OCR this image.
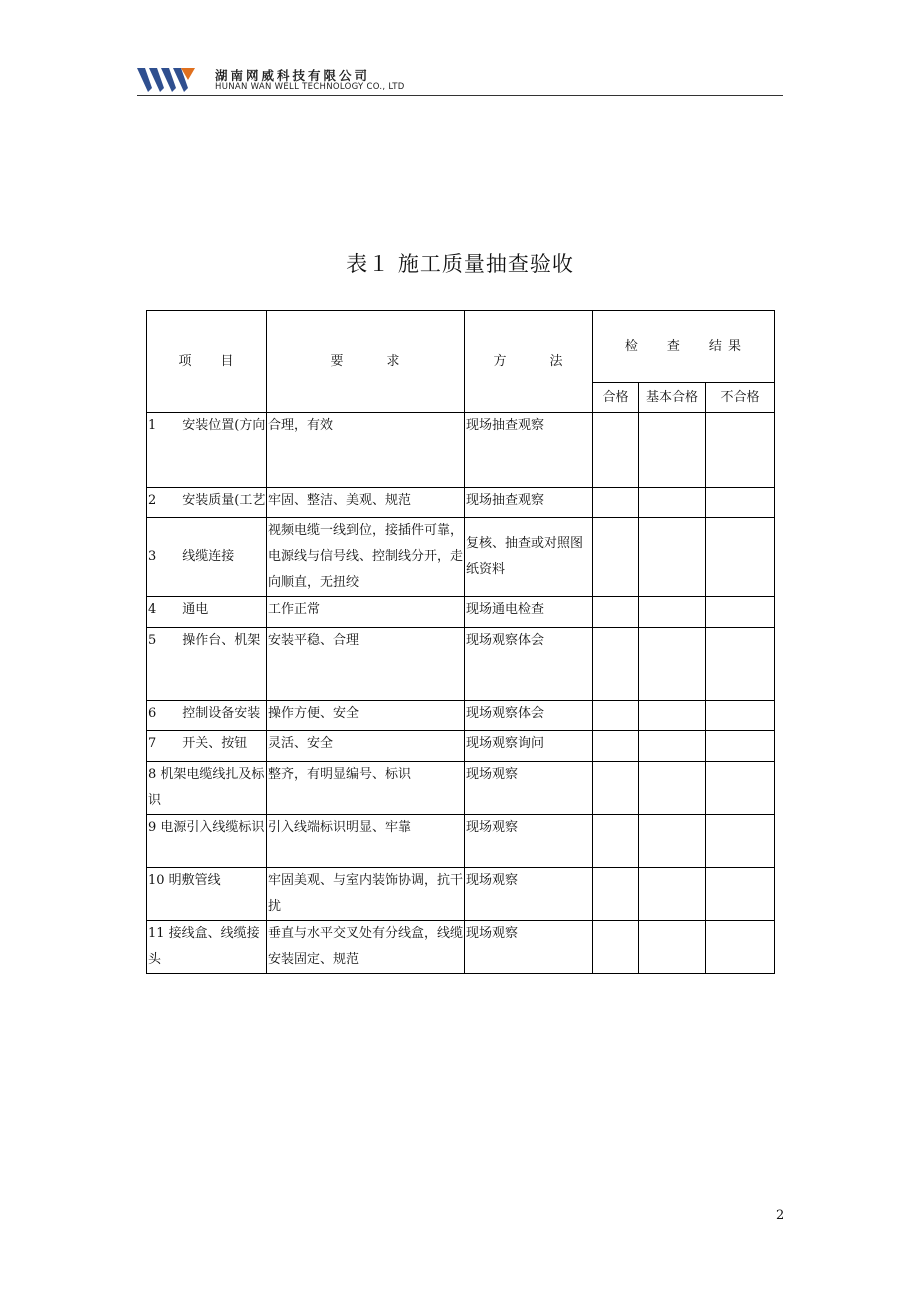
湖南网威科技有限公司
HUNAN WAN WELL TECHNOLOGY CO., LTD
表１ 施工质量抽查验收
项　　目	要　　　求	方　　　法	检　　查　　结 果		
			合格	基本合格	不合格
1　　安装位置(方向	合理，有效	现场抽查观察			
2　　安装质量(工艺	牢固、整洁、美观、规范	现场抽查观察			
3　　线缆连接	视频电缆一线到位，接插件可靠，电源线与信号线、控制线分开，走向顺直，无扭绞	复核、抽查或对照图纸资料			
4　　通电	工作正常	现场通电检查			
5　　操作台、机架	安装平稳、合理	现场观察体会			
6　　控制设备安装	操作方便、安全	现场观察体会			
7　　开关、按钮	灵活、安全	现场观察询问			
8 机架电缆线扎及标识	整齐，有明显编号、标识	现场观察			
9 电源引入线缆标识	引入线端标识明显、牢靠	现场观察			
10 明敷管线	牢固美观、与室内装饰协调，抗干扰	现场观察			
11 接线盒、线缆接头	垂直与水平交叉处有分线盒，线缆安装固定、规范	现场观察			
2
